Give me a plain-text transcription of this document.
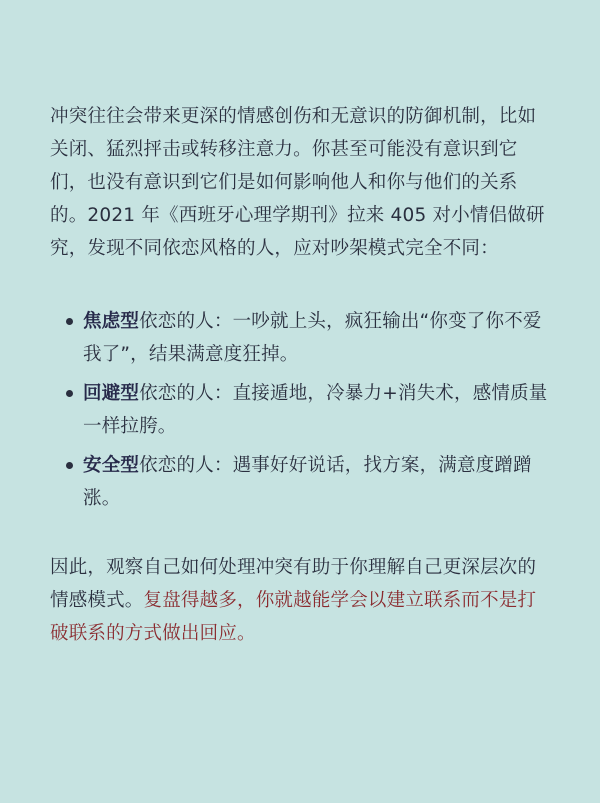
冲突往往会带来更深的情感创伤和无意识的防御机制，比如关闭、猛烈抨击或转移注意力。你甚至可能没有意识到它们，也没有意识到它们是如何影响他人和你与他们的关系的。2021 年《西班牙心理学期刊》拉来 405 对小情侣做研究，发现不同依恋风格的人，应对吵架模式完全不同：

焦虑型依恋的人：一吵就上头，疯狂输出“你变了你不爱我了”，结果满意度狂掉。
回避型依恋的人：直接遁地，冷暴力+消失术，感情质量一样拉胯。
安全型依恋的人：遇事好好说话，找方案，满意度蹭蹭涨。

因此，观察自己如何处理冲突有助于你理解自己更深层次的情感模式。复盘得越多，你就越能学会以建立联系而不是打破联系的方式做出回应。
